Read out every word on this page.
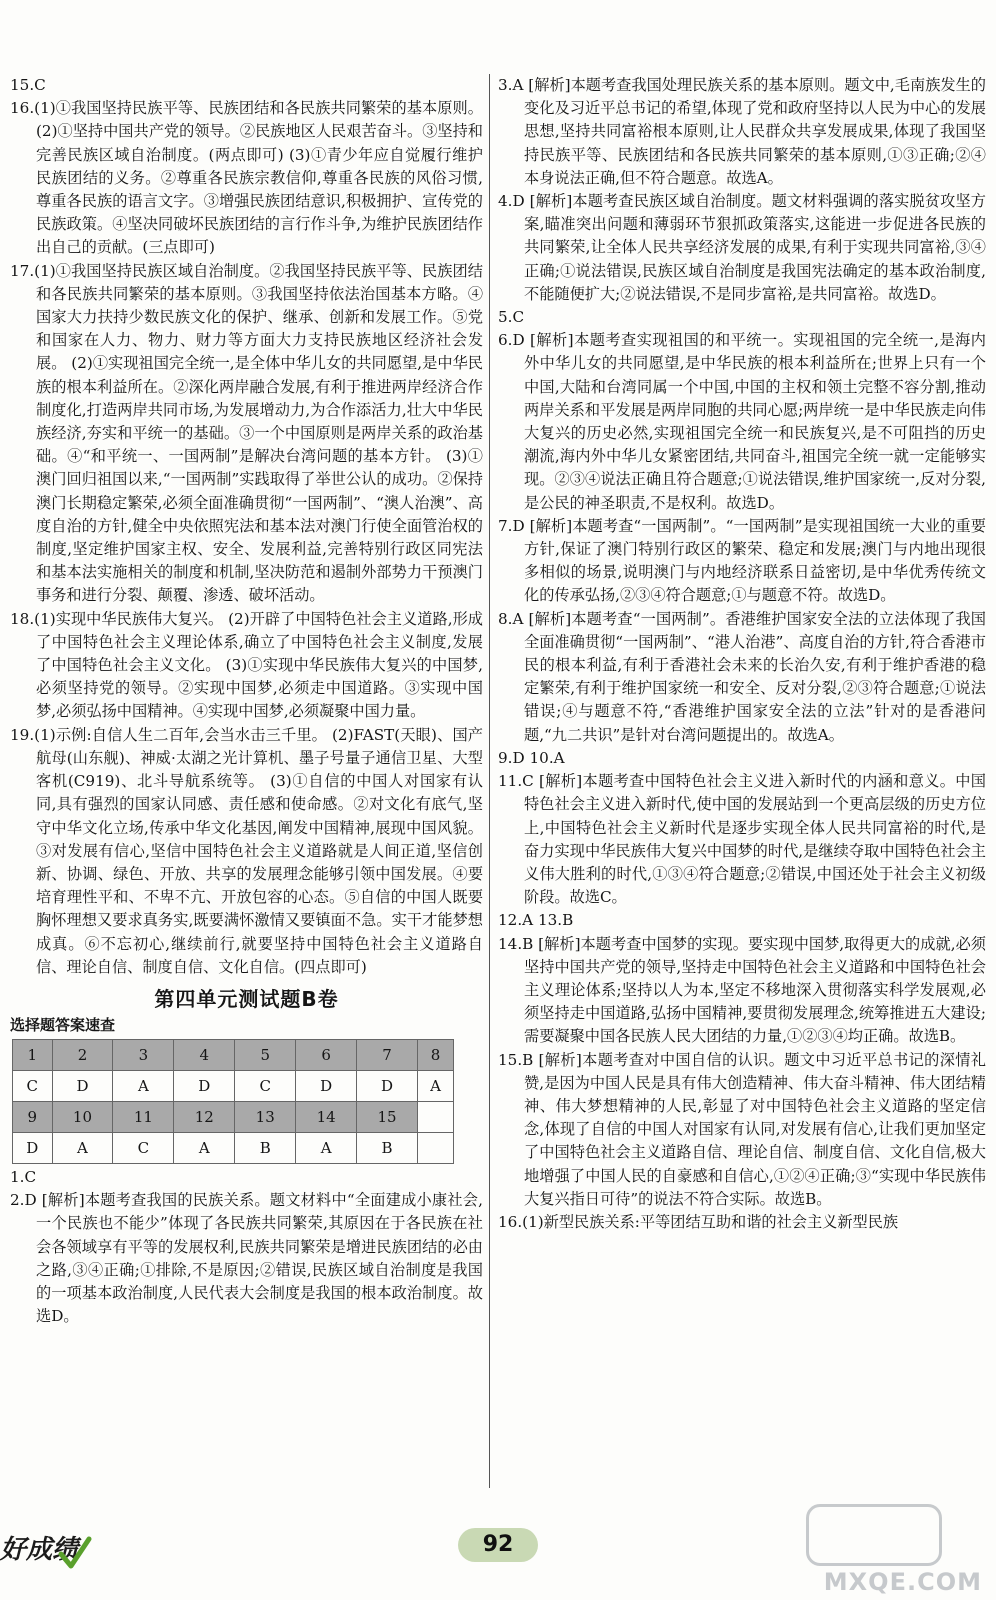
15.C

16.(1)①我国坚持民族平等、民族团结和各民族共同繁荣的基本原则。 (2)①坚持中国共产党的领导。②民族地区人民艰苦奋斗。③坚持和完善民族区域自治制度。(两点即可) (3)①青少年应自觉履行维护民族团结的义务。②尊重各民族宗教信仰,尊重各民族的风俗习惯,尊重各民族的语言文字。③增强民族团结意识,积极拥护、宣传党的民族政策。④坚决同破坏民族团结的言行作斗争,为维护民族团结作出自己的贡献。(三点即可)

17.(1)①我国坚持民族区域自治制度。②我国坚持民族平等、民族团结和各民族共同繁荣的基本原则。③我国坚持依法治国基本方略。④国家大力扶持少数民族文化的保护、继承、创新和发展工作。⑤党和国家在人力、物力、财力等方面大力支持民族地区经济社会发展。 (2)①实现祖国完全统一,是全体中华儿女的共同愿望,是中华民族的根本利益所在。②深化两岸融合发展,有利于推进两岸经济合作制度化,打造两岸共同市场,为发展增动力,为合作添活力,壮大中华民族经济,夯实和平统一的基础。③一个中国原则是两岸关系的政治基础。④“和平统一、一国两制”是解决台湾问题的基本方针。 (3)①澳门回归祖国以来,“一国两制”实践取得了举世公认的成功。②保持澳门长期稳定繁荣,必须全面准确贯彻“一国两制”、“澳人治澳”、高度自治的方针,健全中央依照宪法和基本法对澳门行使全面管治权的制度,坚定维护国家主权、安全、发展利益,完善特别行政区同宪法和基本法实施相关的制度和机制,坚决防范和遏制外部势力干预澳门事务和进行分裂、颠覆、渗透、破坏活动。

18.(1)实现中华民族伟大复兴。 (2)开辟了中国特色社会主义道路,形成了中国特色社会主义理论体系,确立了中国特色社会主义制度,发展了中国特色社会主义文化。 (3)①实现中华民族伟大复兴的中国梦,必须坚持党的领导。②实现中国梦,必须走中国道路。③实现中国梦,必须弘扬中国精神。④实现中国梦,必须凝聚中国力量。

19.(1)示例:自信人生二百年,会当水击三千里。 (2)FAST(天眼)、国产航母(山东舰)、神威·太湖之光计算机、墨子号量子通信卫星、大型客机(C919)、北斗导航系统等。 (3)①自信的中国人对国家有认同,具有强烈的国家认同感、责任感和使命感。②对文化有底气,坚守中华文化立场,传承中华文化基因,阐发中国精神,展现中国风貌。③对发展有信心,坚信中国特色社会主义道路就是人间正道,坚信创新、协调、绿色、开放、共享的发展理念能够引领中国发展。④要培育理性平和、不卑不亢、开放包容的心态。⑤自信的中国人既要胸怀理想又要求真务实,既要满怀激情又要镇面不急。实干才能梦想成真。⑥不忘初心,继续前行,就要坚持中国特色社会主义道路自信、理论自信、制度自信、文化自信。(四点即可)

第四单元测试题B卷
选择题答案速查
1	2	3	4	5	6	7	8
C	D	A	D	C	D	D	A
9	10	11	12	13	14	15	
D	A	C	A	B	A	B	

1.C

2.D [解析]本题考查我国的民族关系。题文材料中“全面建成小康社会,一个民族也不能少”体现了各民族共同繁荣,其原因在于各民族在社会各领域享有平等的发展权利,民族共同繁荣是增进民族团结的必由之路,③④正确;①排除,不是原因;②错误,民族区域自治制度是我国的一项基本政治制度,人民代表大会制度是我国的根本政治制度。故选D。

3.A [解析]本题考查我国处理民族关系的基本原则。题文中,毛南族发生的变化及习近平总书记的希望,体现了党和政府坚持以人民为中心的发展思想,坚持共同富裕根本原则,让人民群众共享发展成果,体现了我国坚持民族平等、民族团结和各民族共同繁荣的基本原则,①③正确;②④本身说法正确,但不符合题意。故选A。

4.D [解析]本题考查民族区域自治制度。题文材料强调的落实脱贫攻坚方案,瞄准突出问题和薄弱环节狠抓政策落实,这能进一步促进各民族的共同繁荣,让全体人民共享经济发展的成果,有利于实现共同富裕,③④正确;①说法错误,民族区域自治制度是我国宪法确定的基本政治制度,不能随便扩大;②说法错误,不是同步富裕,是共同富裕。故选D。

5.C

6.D [解析]本题考查实现祖国的和平统一。实现祖国的完全统一,是海内外中华儿女的共同愿望,是中华民族的根本利益所在;世界上只有一个中国,大陆和台湾同属一个中国,中国的主权和领土完整不容分割,推动两岸关系和平发展是两岸同胞的共同心愿;两岸统一是中华民族走向伟大复兴的历史必然,实现祖国完全统一和民族复兴,是不可阻挡的历史潮流,海内外中华儿女紧密团结,共同奋斗,祖国完全统一就一定能够实现。②③④说法正确且符合题意;①说法错误,维护国家统一,反对分裂,是公民的神圣职责,不是权利。故选D。

7.D [解析]本题考查“一国两制”。“一国两制”是实现祖国统一大业的重要方针,保证了澳门特别行政区的繁荣、稳定和发展;澳门与内地出现很多相似的场景,说明澳门与内地经济联系日益密切,是中华优秀传统文化的传承弘扬,②③④符合题意;①与题意不符。故选D。

8.A [解析]本题考查“一国两制”。香港维护国家安全法的立法体现了我国全面准确贯彻“一国两制”、“港人治港”、高度自治的方针,符合香港市民的根本利益,有利于香港社会未来的长治久安,有利于维护香港的稳定繁荣,有利于维护国家统一和安全、反对分裂,②③符合题意;①说法错误;④与题意不符,“香港维护国家安全法的立法”针对的是香港问题,“九二共识”是针对台湾问题提出的。故选A。

9.D 10.A

11.C [解析]本题考查中国特色社会主义进入新时代的内涵和意义。中国特色社会主义进入新时代,使中国的发展站到一个更高层级的历史方位上,中国特色社会主义新时代是逐步实现全体人民共同富裕的时代,是奋力实现中华民族伟大复兴中国梦的时代,是继续夺取中国特色社会主义伟大胜利的时代,①③④符合题意;②错误,中国还处于社会主义初级阶段。故选C。

12.A 13.B

14.B [解析]本题考查中国梦的实现。要实现中国梦,取得更大的成就,必须坚持中国共产党的领导,坚持走中国特色社会主义道路和中国特色社会主义理论体系;坚持以人为本,坚定不移地深入贯彻落实科学发展观,必须坚持走中国道路,弘扬中国精神,要贯彻发展理念,统筹推进五大建设;需要凝聚中国各民族人民大团结的力量,①②③④均正确。故选B。

15.B [解析]本题考查对中国自信的认识。题文中习近平总书记的深情礼赞,是因为中国人民是具有伟大创造精神、伟大奋斗精神、伟大团结精神、伟大梦想精神的人民,彰显了对中国特色社会主义道路的坚定信念,体现了自信的中国人对国家有认同,对发展有信心,让我们更加坚定了中国特色社会主义道路自信、理论自信、制度自信、文化自信,极大地增强了中国人民的自豪感和自信心,①②④正确;③“实现中华民族伟大复兴指日可待”的说法不符合实际。故选B。

16.(1)新型民族关系:平等团结互助和谐的社会主义新型民族

好成绩	92
MXQE.COM
